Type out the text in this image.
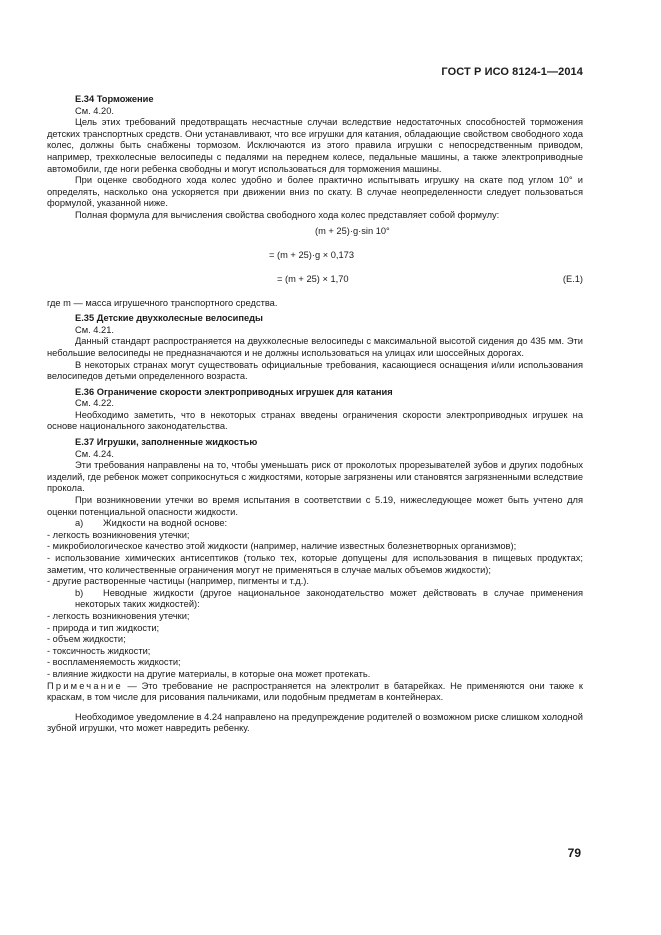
ГОСТ Р ИСО 8124-1—2014

E.34 Торможение

См. 4.20.

Цель этих требований предотвращать несчастные случаи вследствие недостаточных способностей торможения детских транспортных средств. Они устанавливают, что все игрушки для катания, обладающие свойством свободного хода колес, должны быть снабжены тормозом. Исключаются из этого правила игрушки с непосредственным приводом, например, трехколесные велосипеды с педалями на переднем колесе, педальные машины, а также электроприводные автомобили, где ноги ребенка свободны и могут использоваться для торможения машины.

При оценке свободного хода колес удобно и более практично испытывать игрушку на скате под углом 10° и определять, насколько она ускоряется при движении вниз по скату. В случае неопределенности следует пользоваться формулой, указанной ниже.

Полная формула для вычисления свойства свободного хода колес представляет собой формулу:

(m + 25)·g·sin 10°
= (m + 25)·g × 0,173
= (m + 25) × 1,70	(E.1)

где m — масса игрушечного транспортного средства.

E.35 Детские двухколесные велосипеды

См. 4.21.

Данный стандарт распространяется на двухколесные велосипеды с максимальной высотой сидения до 435 мм. Эти небольшие велосипеды не предназначаются и не должны использоваться на улицах или шоссейных дорогах.

В некоторых странах могут существовать официальные требования, касающиеся оснащения и/или использования велосипедов детьми определенного возраста.

E.36 Ограничение скорости электроприводных игрушек для катания

См. 4.22.

Необходимо заметить, что в некоторых странах введены ограничения скорости электроприводных игрушек на основе национального законодательства.

E.37 Игрушки, заполненные жидкостью

См. 4.24.

Эти требования направлены на то, чтобы уменьшать риск от проколотых прорезывателей зубов и других подобных изделий, где ребенок может соприкоснуться с жидкостями, которые загрязнены или становятся загрязненными вследствие прокола.

При возникновении утечки во время испытания в соответствии с 5.19, нижеследующее может быть учтено для оценки потенциальной опасности жидкости.

а) Жидкости на водной основе:

- легкость возникновения утечки;

- микробиологическое качество этой жидкости (например, наличие известных болезнетворных организмов);

- использование химических антисептиков (только тех, которые допущены для использования в пищевых продуктах; заметим, что количественные ограничения могут не применяться в случае малых объемов жидкости);

- другие растворенные частицы (например, пигменты и т.д.).

b) Неводные жидкости (другое национальное законодательство может действовать в случае применения некоторых таких жидкостей):

- легкость возникновения утечки;

- природа и тип жидкости;

- объем жидкости;

- токсичность жидкости;

- воспламеняемость жидкости;

- влияние жидкости на другие материалы, в которые она может протекать.

Примечание — Это требование не распространяется на электролит в батарейках. Не применяются они также к краскам, в том числе для рисования пальчиками, или подобным предметам в контейнерах.

Необходимое уведомление в 4.24 направлено на предупреждение родителей о возможном риске слишком холодной зубной игрушки, что может навредить ребенку.

79
